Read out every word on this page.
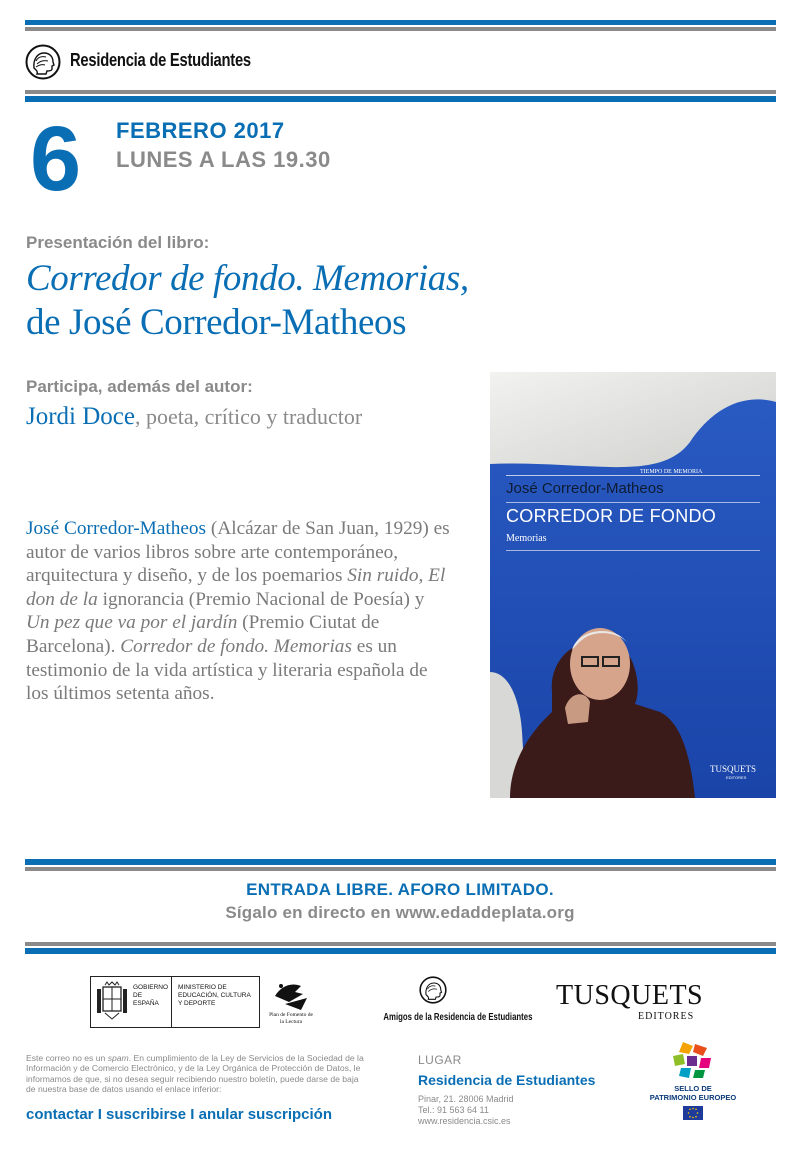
Residencia de Estudiantes
6 FEBRERO 2017
LUNES A LAS 19.30
Presentación del libro:
Corredor de fondo. Memorias,
de José Corredor-Matheos
Participa, además del autor:
Jordi Doce, poeta, crítico y traductor
José Corredor-Matheos (Alcázar de San Juan, 1929) es autor de varios libros sobre arte contemporáneo, arquitectura y diseño, y de los poemarios Sin ruido, El don de la ignorancia (Premio Nacional de Poesía) y Un pez que va por el jardín (Premio Ciutat de Barcelona). Corredor de fondo. Memorias es un testimonio de la vida artística y literaria española de los últimos setenta años.
TIEMPO DE MEMORIA
José Corredor-Matheos
CORREDOR DE FONDO
Memorias
TUSQUETS
EDITORES
ENTRADA LIBRE. AFORO LIMITADO.
Sígalo en directo en www.edaddeplata.org
GOBIERNO DE ESPAÑA
MINISTERIO DE EDUCACIÓN, CULTURA Y DEPORTE
Plan de Fomento de la Lectura	Amigos de la Residencia de Estudiantes
TUSQUETS
EDITORES
Este correo no es un spam. En cumplimiento de la Ley de Servicios de la Sociedad de la Información y de Comercio Electrónico, y de la Ley Orgánica de Protección de Datos, le informamos de que, si no desea seguir recibiendo nuestro boletín, puede darse de baja de nuestra base de datos usando el enlace inferior:
contactar I suscribirse I anular suscripción
LUGAR
Residencia de Estudiantes
Pinar, 21. 28006 Madrid
Tel.: 91 563 64 11
www.residencia.csic.es
SELLO DE
PATRIMONIO EUROPEO
